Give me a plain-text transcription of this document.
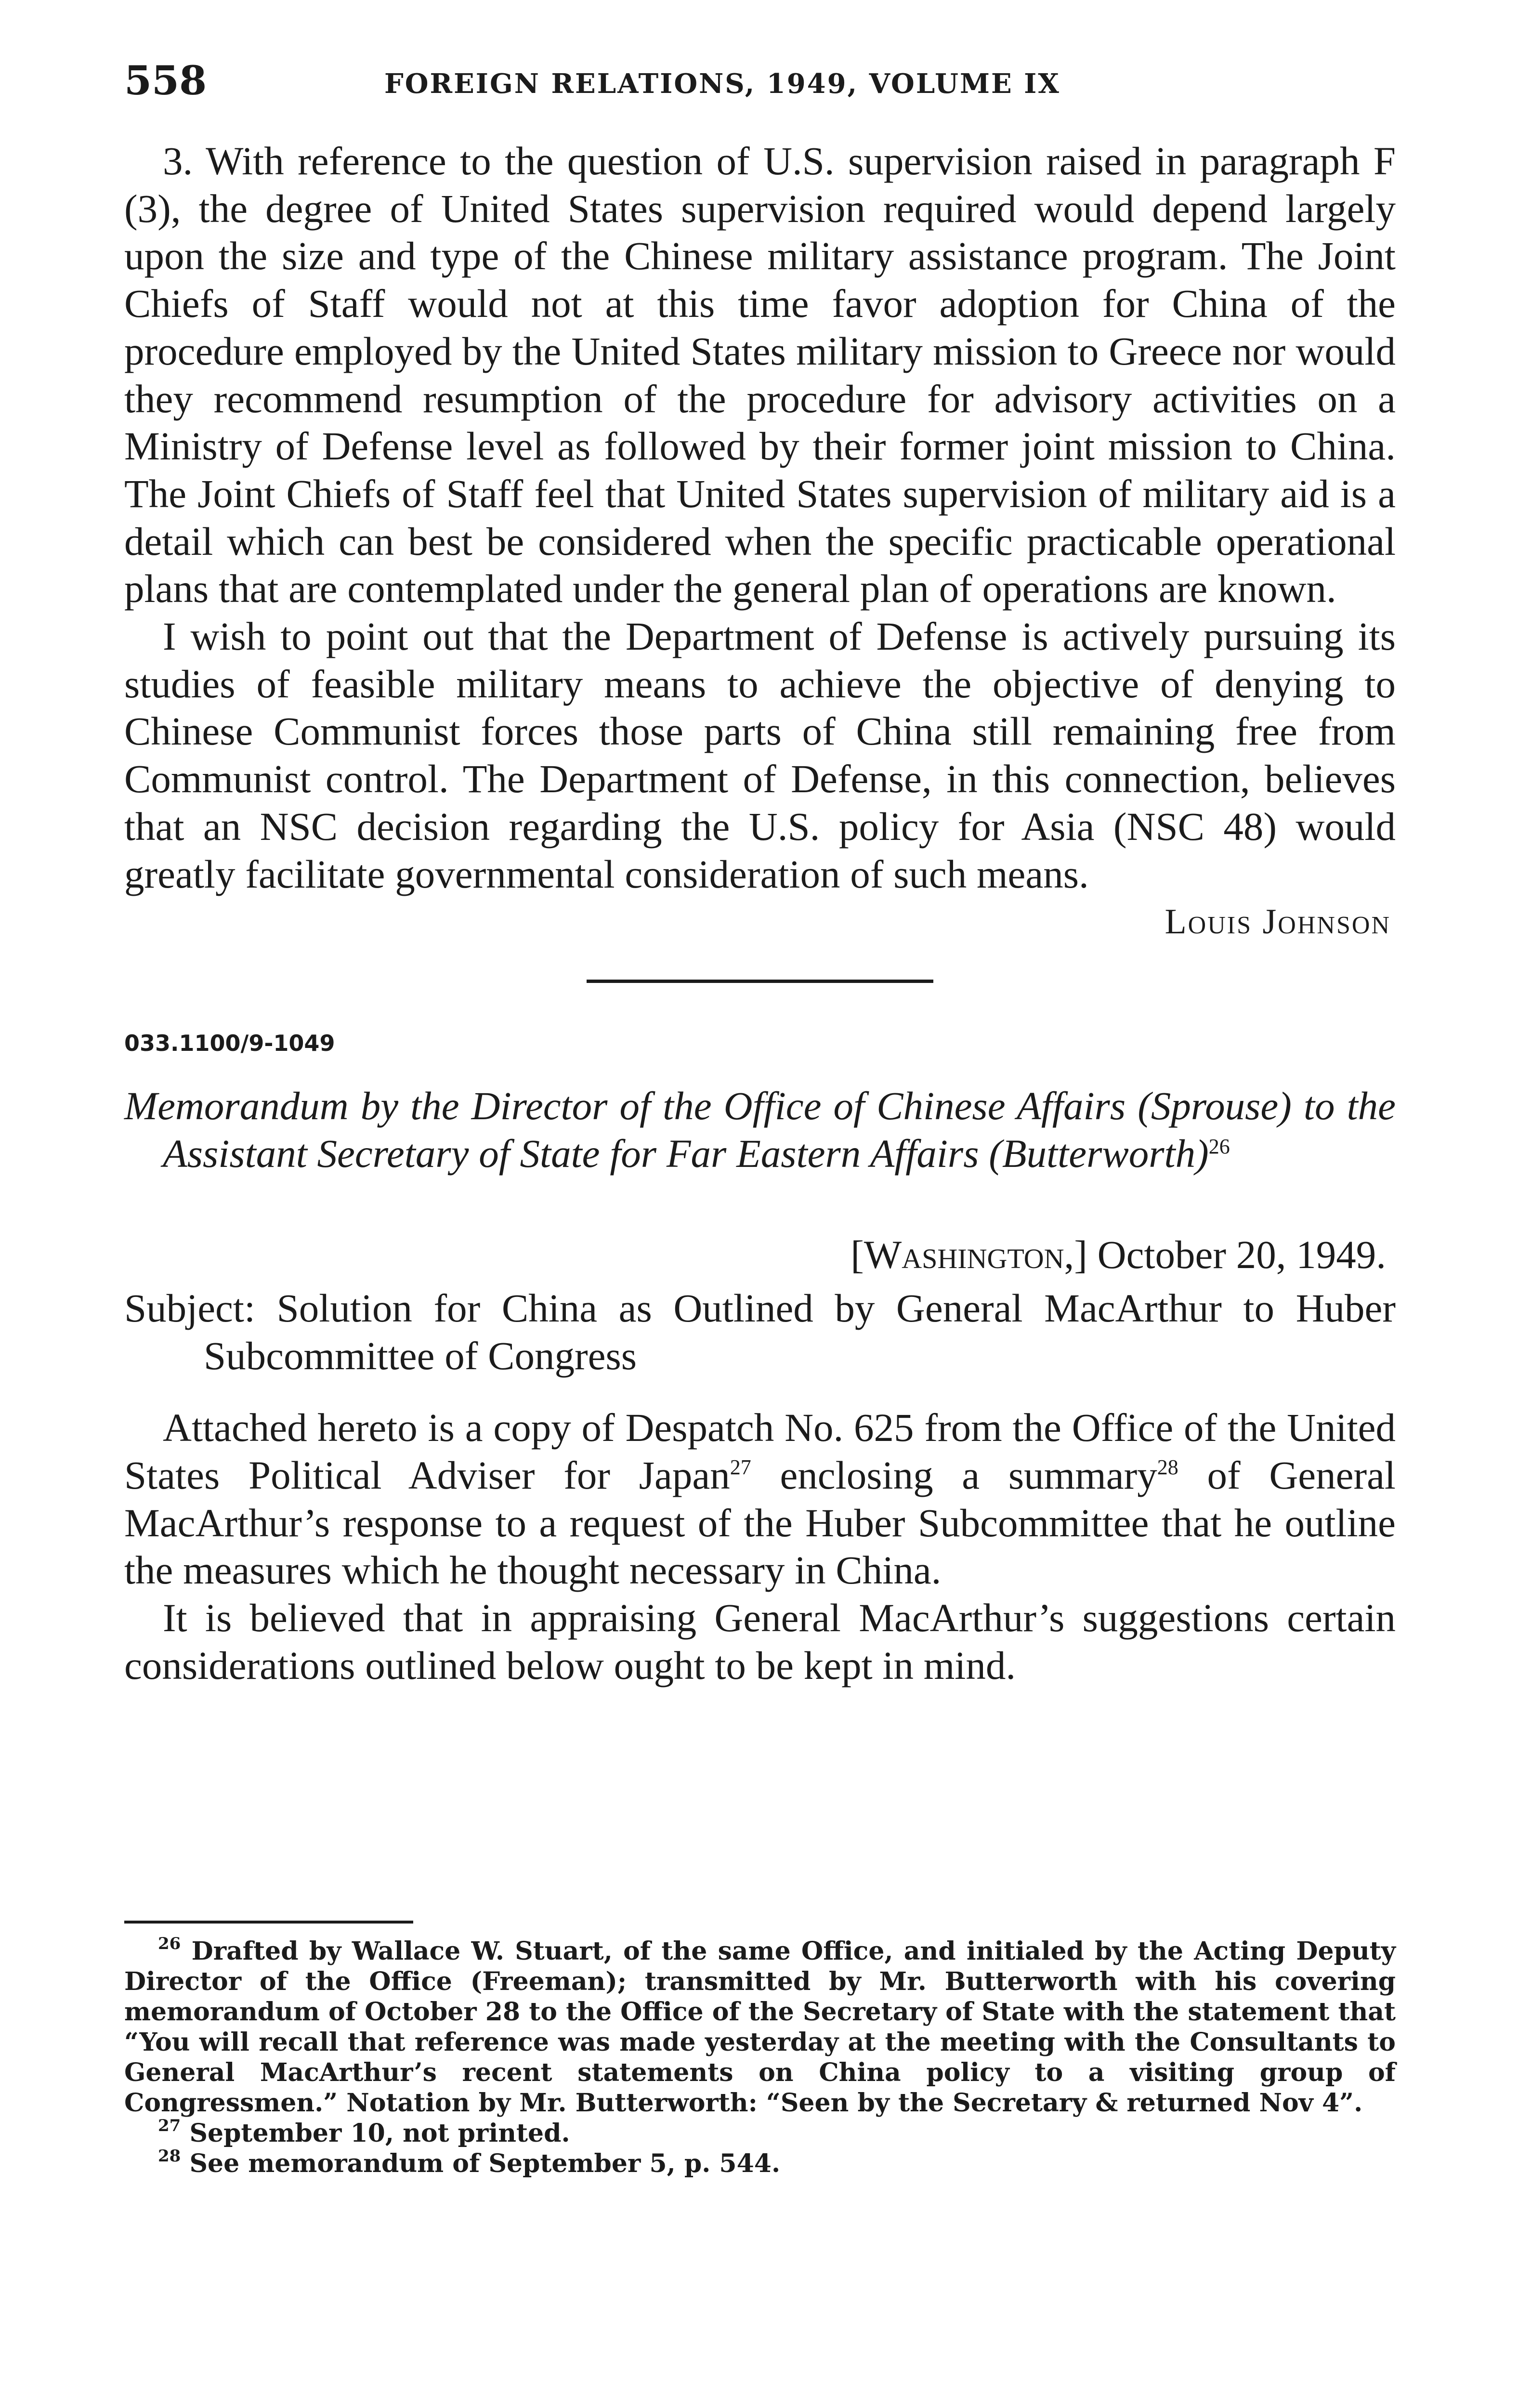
558	FOREIGN RELATIONS, 1949, VOLUME IX

3. With reference to the question of U.S. supervision raised in paragraph F (3), the degree of United States supervision required would depend largely upon the size and type of the Chinese military assistance program. The Joint Chiefs of Staff would not at this time favor adoption for China of the procedure employed by the United States military mission to Greece nor would they recommend resumption of the procedure for advisory activities on a Ministry of Defense level as followed by their former joint mission to China. The Joint Chiefs of Staff feel that United States supervision of military aid is a detail which can best be considered when the specific practicable operational plans that are contemplated under the general plan of operations are known.

I wish to point out that the Department of Defense is actively pursuing its studies of feasible military means to achieve the objective of denying to Chinese Communist forces those parts of China still remaining free from Communist control. The Department of Defense, in this connection, believes that an NSC decision regarding the U.S. policy for Asia (NSC 48) would greatly facilitate governmental consideration of such means.

Louis Johnson

033.1100/9-1049

Memorandum by the Director of the Office of Chinese Affairs (Sprouse) to the Assistant Secretary of State for Far Eastern Affairs (Butterworth)$^{26}$

[Washington,] October 20, 1949.

Subject: Solution for China as Outlined by General MacArthur to Huber Subcommittee of Congress

Attached hereto is a copy of Despatch No. 625 from the Office of the United States Political Adviser for Japan$^{27}$ enclosing a summary$^{28}$ of General MacArthur’s response to a request of the Huber Subcommittee that he outline the measures which he thought necessary in China.

It is believed that in appraising General MacArthur’s suggestions certain considerations outlined below ought to be kept in mind.

$^{26}$ Drafted by Wallace W. Stuart, of the same Office, and initialed by the Acting Deputy Director of the Office (Freeman); transmitted by Mr. Butterworth with his covering memorandum of October 28 to the Office of the Secretary of State with the statement that “You will recall that reference was made yesterday at the meeting with the Consultants to General MacArthur’s recent statements on China policy to a visiting group of Congressmen.” Notation by Mr. Butterworth: “Seen by the Secretary & returned Nov 4”.

$^{27}$ September 10, not printed.

$^{28}$ See memorandum of September 5, p. 544.
